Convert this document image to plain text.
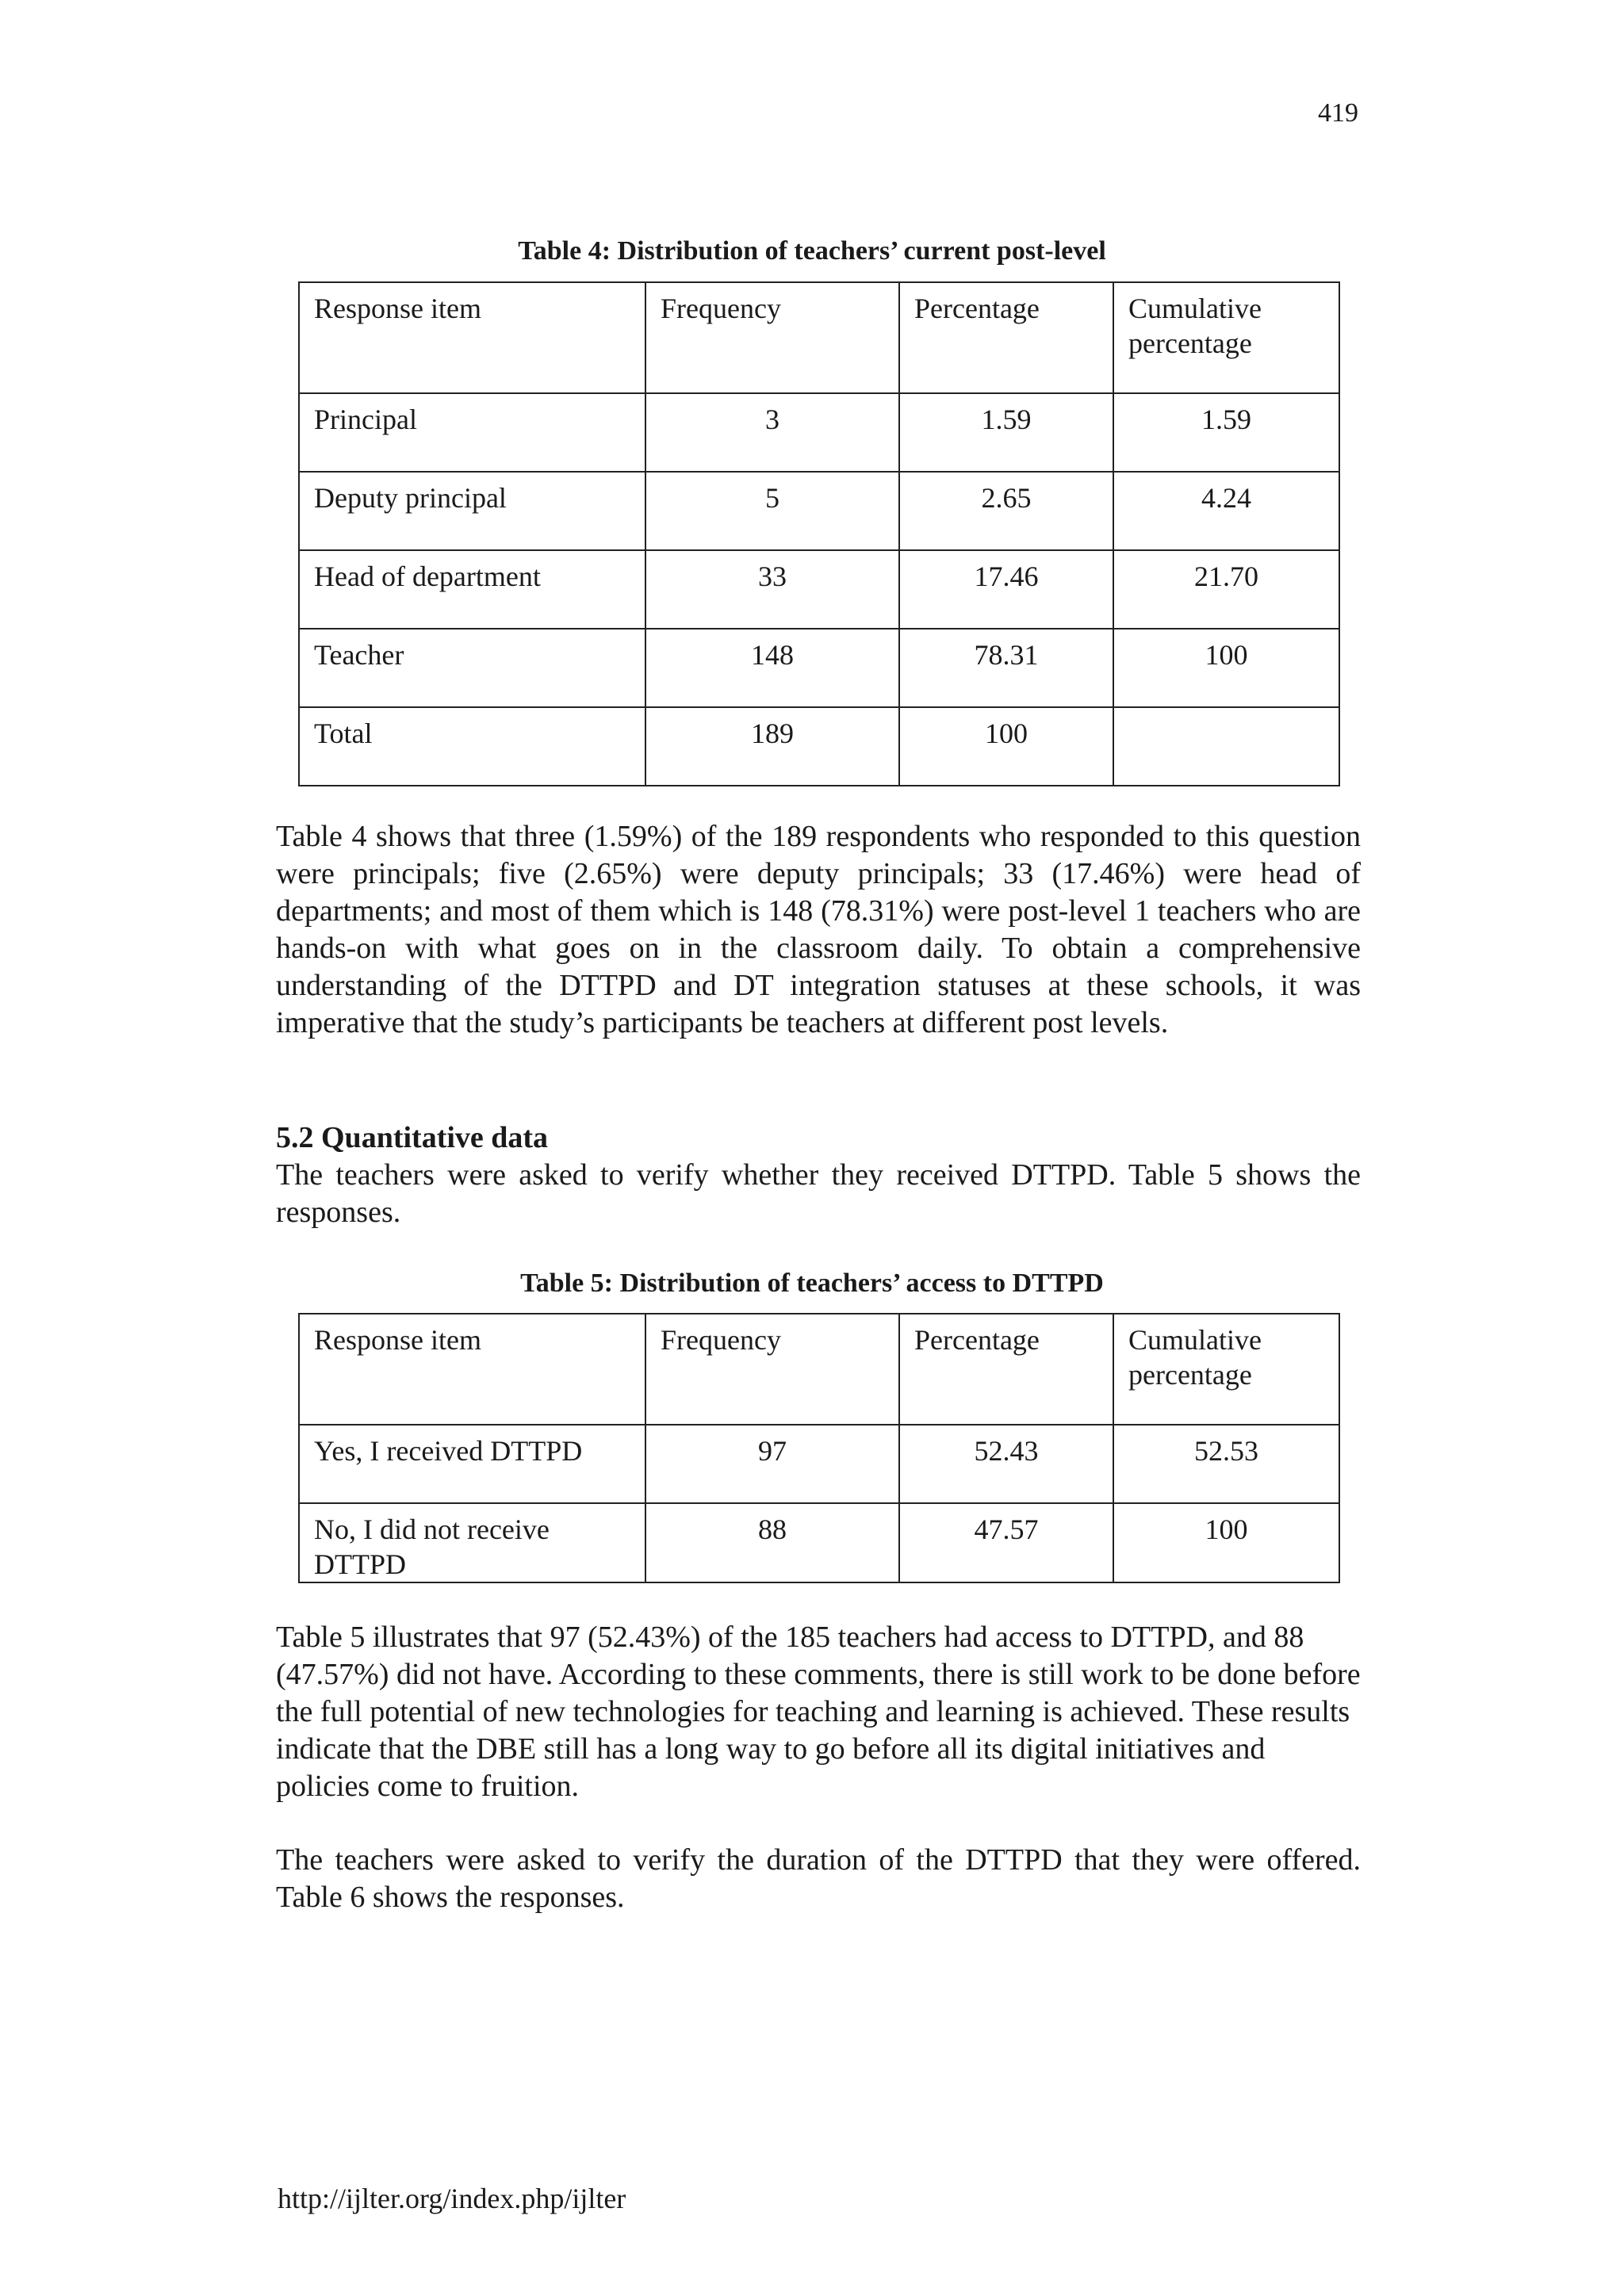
419
Table 4: Distribution of teachers’ current post-level
Response item	Frequency	Percentage	Cumulative percentage
Principal	3	1.59	1.59
Deputy principal	5	2.65	4.24
Head of department	33	17.46	21.70
Teacher	148	78.31	100
Total	189	100	

Table 4 shows that three (1.59%) of the 189 respondents who responded to this question were principals; five (2.65%) were deputy principals; 33 (17.46%) were head of departments; and most of them which is 148 (78.31%) were post-level 1 teachers who are hands-on with what goes on in the classroom daily. To obtain a comprehensive understanding of the DTTPD and DT integration statuses at these schools, it was imperative that the study’s participants be teachers at different post levels.

5.2 Quantitative data

The teachers were asked to verify whether they received DTTPD. Table 5 shows the responses.

Table 5: Distribution of teachers’ access to DTTPD
Response item	Frequency	Percentage	Cumulative percentage
Yes, I received DTTPD	97	52.43	52.53
No, I did not receive DTTPD	88	47.57	100

Table 5 illustrates that 97 (52.43%) of the 185 teachers had access to DTTPD, and 88 (47.57%) did not have. According to these comments, there is still work to be done before the full potential of new technologies for teaching and learning is achieved. These results indicate that the DBE still has a long way to go before all its digital initiatives and policies come to fruition.

The teachers were asked to verify the duration of the DTTPD that they were offered. Table 6 shows the responses.

http://ijlter.org/index.php/ijlter
